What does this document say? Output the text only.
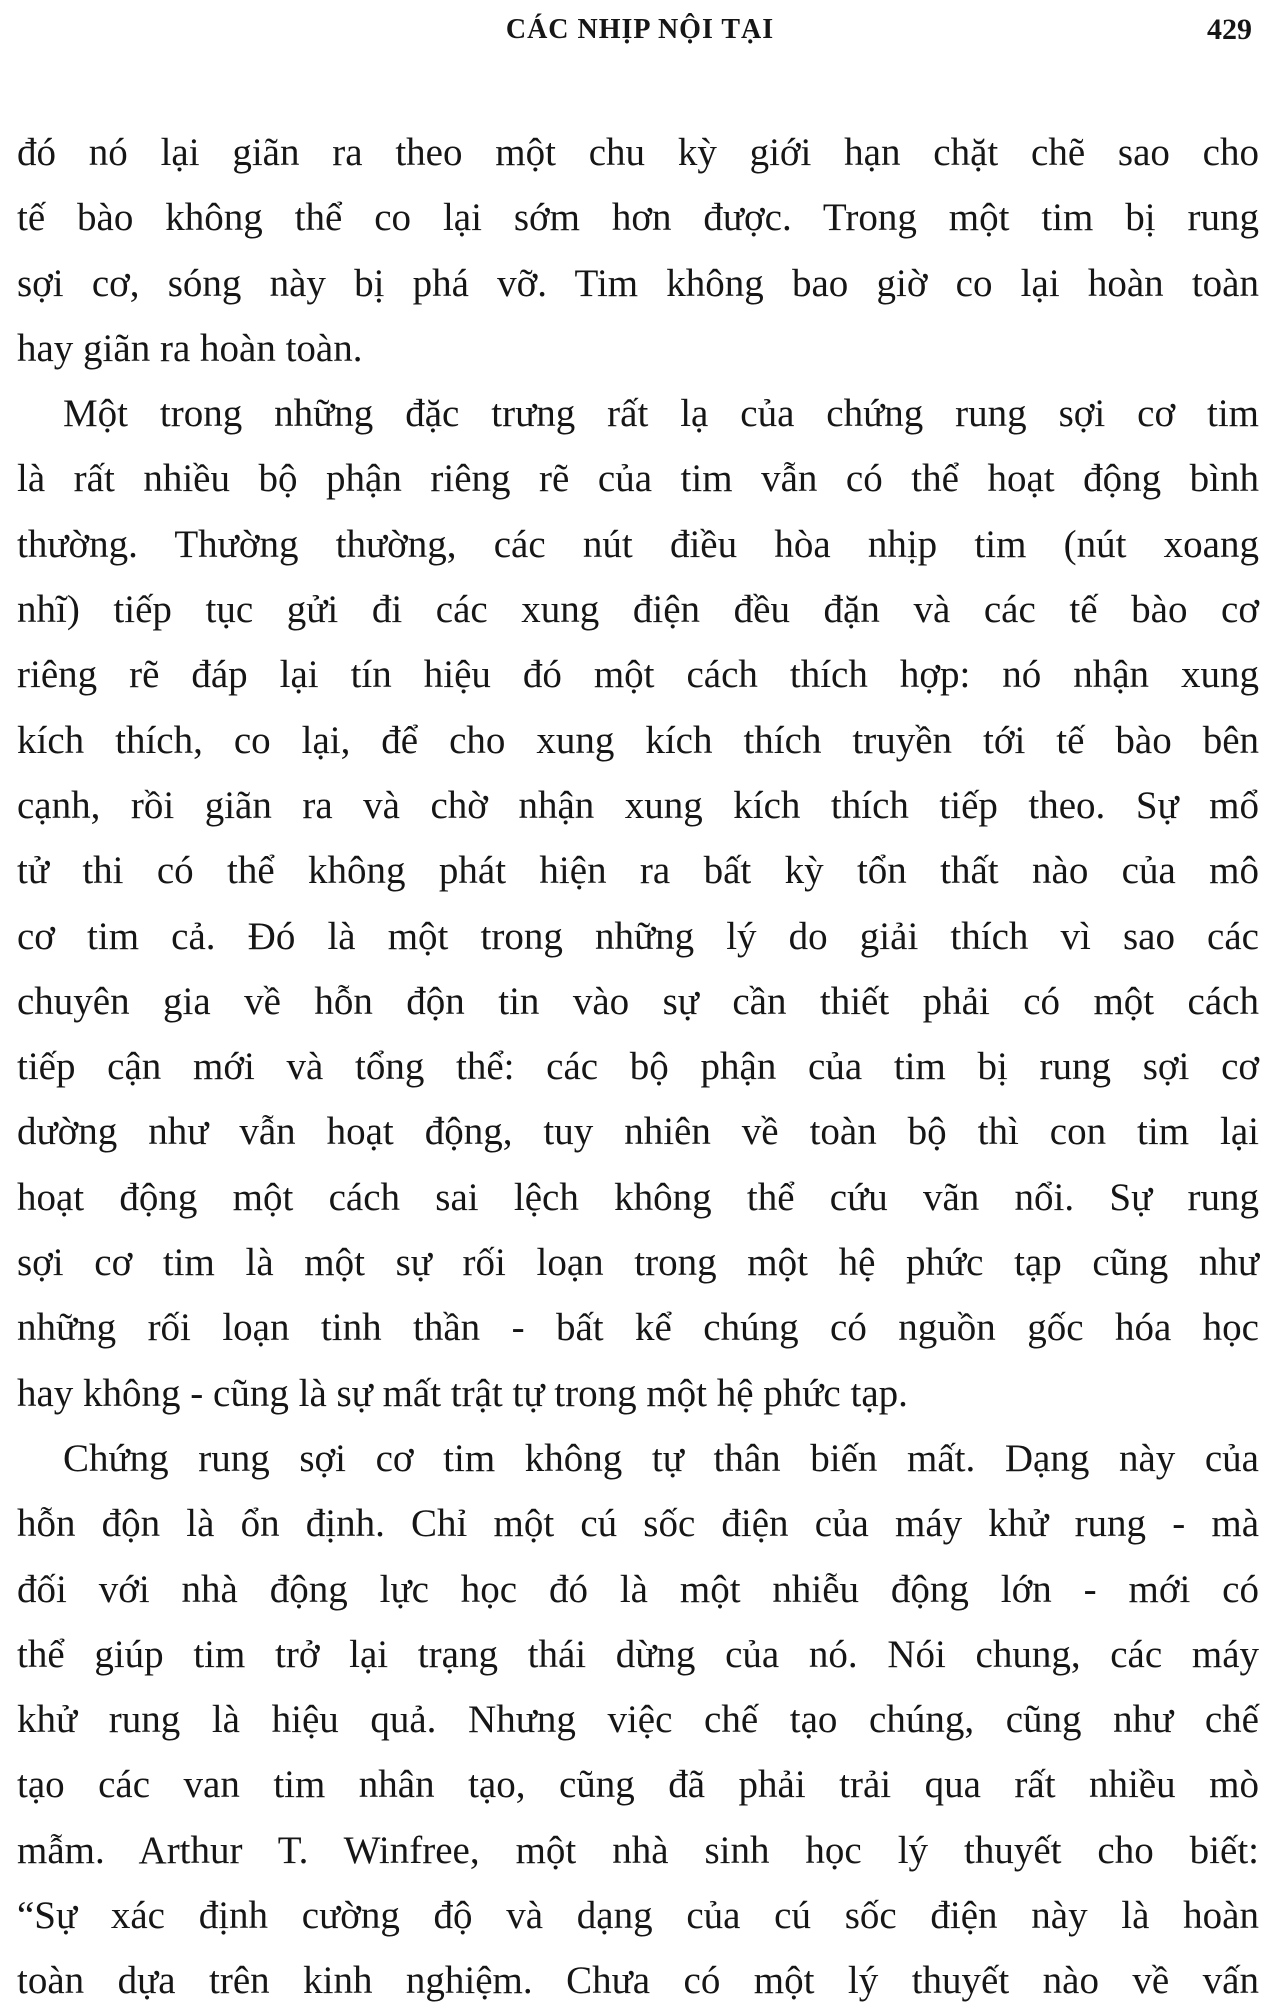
CÁC NHỊP NỘI TẠI	429
đó nó lại giãn ra theo một chu kỳ giới hạn chặt chẽ sao cho
tế bào không thể co lại sớm hơn được. Trong một tim bị rung
sợi cơ, sóng này bị phá vỡ. Tim không bao giờ co lại hoàn toàn
hay giãn ra hoàn toàn.
Một trong những đặc trưng rất lạ của chứng rung sợi cơ tim
là rất nhiều bộ phận riêng rẽ của tim vẫn có thể hoạt động bình
thường. Thường thường, các nút điều hòa nhịp tim (nút xoang
nhĩ) tiếp tục gửi đi các xung điện đều đặn và các tế bào cơ
riêng rẽ đáp lại tín hiệu đó một cách thích hợp: nó nhận xung
kích thích, co lại, để cho xung kích thích truyền tới tế bào bên
cạnh, rồi giãn ra và chờ nhận xung kích thích tiếp theo. Sự mổ
tử thi có thể không phát hiện ra bất kỳ tổn thất nào của mô
cơ tim cả. Đó là một trong những lý do giải thích vì sao các
chuyên gia về hỗn độn tin vào sự cần thiết phải có một cách
tiếp cận mới và tổng thể: các bộ phận của tim bị rung sợi cơ
dường như vẫn hoạt động, tuy nhiên về toàn bộ thì con tim lại
hoạt động một cách sai lệch không thể cứu vãn nổi. Sự rung
sợi cơ tim là một sự rối loạn trong một hệ phức tạp cũng như
những rối loạn tinh thần - bất kể chúng có nguồn gốc hóa học
hay không - cũng là sự mất trật tự trong một hệ phức tạp.
Chứng rung sợi cơ tim không tự thân biến mất. Dạng này của
hỗn độn là ổn định. Chỉ một cú sốc điện của máy khử rung - mà
đối với nhà động lực học đó là một nhiễu động lớn - mới có
thể giúp tim trở lại trạng thái dừng của nó. Nói chung, các máy
khử rung là hiệu quả. Nhưng việc chế tạo chúng, cũng như chế
tạo các van tim nhân tạo, cũng đã phải trải qua rất nhiều mò
mẫm. Arthur T. Winfree, một nhà sinh học lý thuyết cho biết:
“Sự xác định cường độ và dạng của cú sốc điện này là hoàn
toàn dựa trên kinh nghiệm. Chưa có một lý thuyết nào về vấn
